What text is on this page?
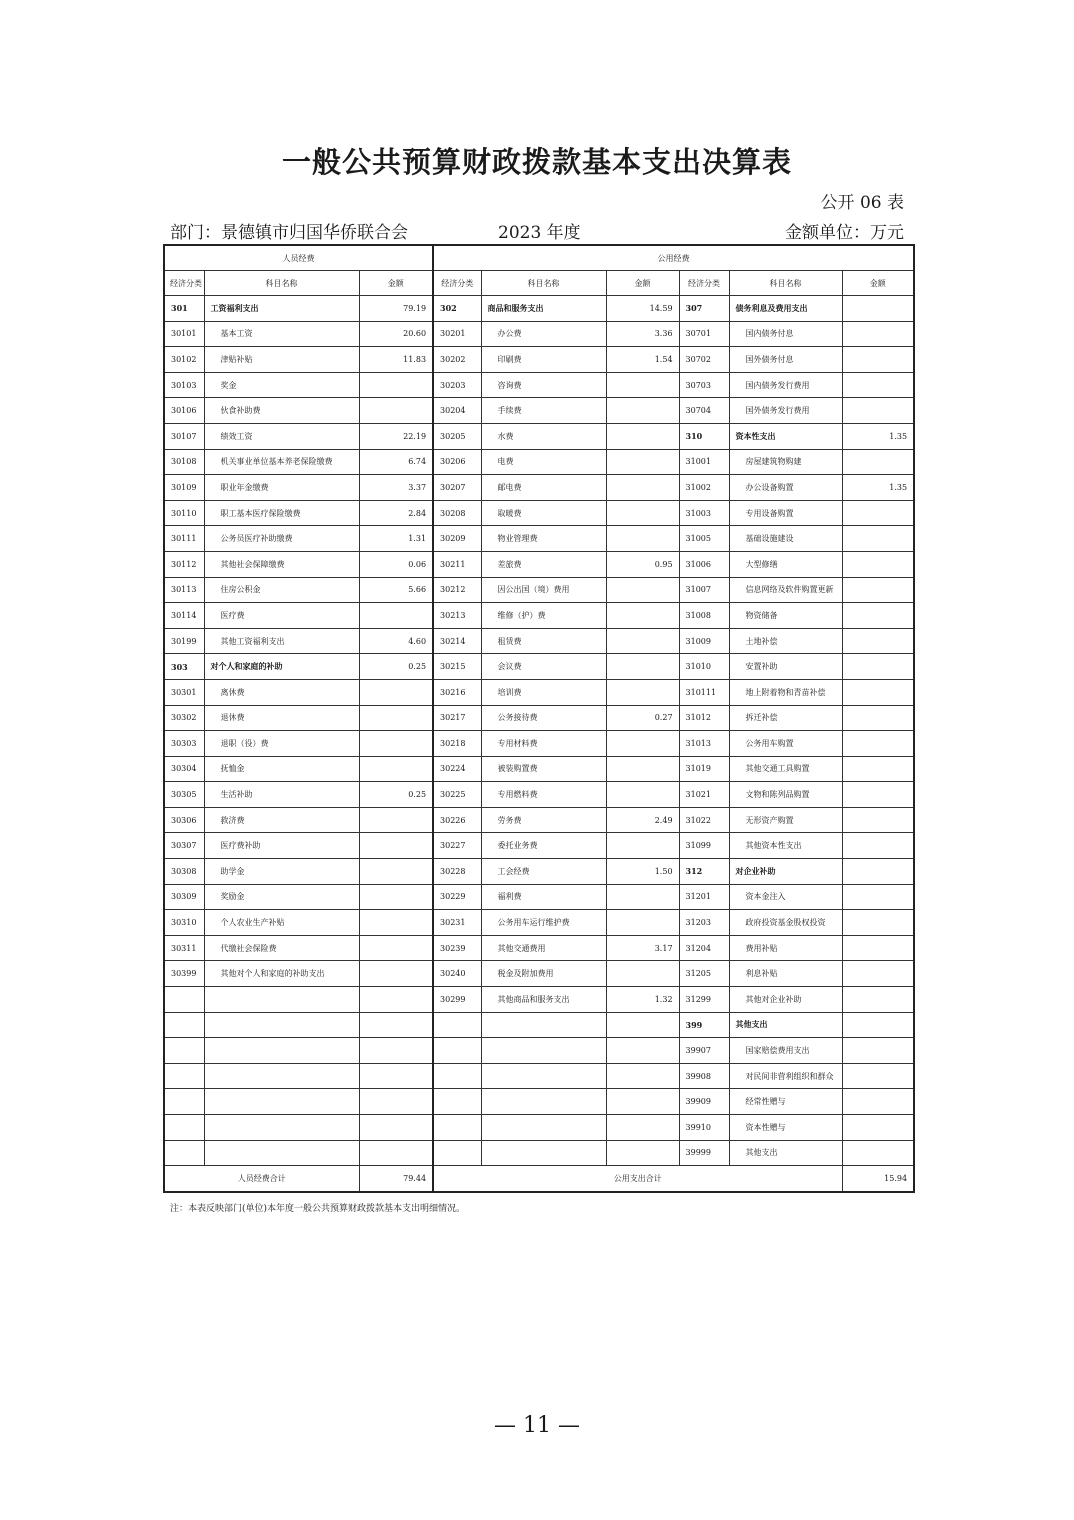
一般公共预算财政拨款基本支出决算表
公开 06 表
部门：景德镇市归国华侨联合会	2023 年度	金额单位：万元
人员经费			公用经费					
经济分类	科目名称	金额	经济分类	科目名称	金额	经济分类	科目名称	金额
301	工资福利支出	79.19	302	商品和服务支出	14.59	307	债务利息及费用支出	
30101	基本工资	20.60	30201	办公费	3.36	30701	国内债务付息	
30102	津贴补贴	11.83	30202	印刷费	1.54	30702	国外债务付息	
30103	奖金		30203	咨询费		30703	国内债务发行费用	
30106	伙食补助费		30204	手续费		30704	国外债务发行费用	
30107	绩效工资	22.19	30205	水费		310	资本性支出	1.35
30108	机关事业单位基本养老保险缴费	6.74	30206	电费		31001	房屋建筑物购建	
30109	职业年金缴费	3.37	30207	邮电费		31002	办公设备购置	1.35
30110	职工基本医疗保险缴费	2.84	30208	取暖费		31003	专用设备购置	
30111	公务员医疗补助缴费	1.31	30209	物业管理费		31005	基础设施建设	
30112	其他社会保障缴费	0.06	30211	差旅费	0.95	31006	大型修缮	
30113	住房公积金	5.66	30212	因公出国（境）费用		31007	信息网络及软件购置更新	
30114	医疗费		30213	维修（护）费		31008	物资储备	
30199	其他工资福利支出	4.60	30214	租赁费		31009	土地补偿	
303	对个人和家庭的补助	0.25	30215	会议费		31010	安置补助	
30301	离休费		30216	培训费		310111	地上附着物和青苗补偿	
30302	退休费		30217	公务接待费	0.27	31012	拆迁补偿	
30303	退职（役）费		30218	专用材料费		31013	公务用车购置	
30304	抚恤金		30224	被装购置费		31019	其他交通工具购置	
30305	生活补助	0.25	30225	专用燃料费		31021	文物和陈列品购置	
30306	救济费		30226	劳务费	2.49	31022	无形资产购置	
30307	医疗费补助		30227	委托业务费		31099	其他资本性支出	
30308	助学金		30228	工会经费	1.50	312	对企业补助	
30309	奖励金		30229	福利费		31201	资本金注入	
30310	个人农业生产补贴		30231	公务用车运行维护费		31203	政府投资基金股权投资	
30311	代缴社会保险费		30239	其他交通费用	3.17	31204	费用补贴	
30399	其他对个人和家庭的补助支出		30240	税金及附加费用		31205	利息补贴	
			30299	其他商品和服务支出	1.32	31299	其他对企业补助	
						399	其他支出	
						39907	国家赔偿费用支出	
						39908	对民间非营利组织和群众	
						39909	经常性赠与	
						39910	资本性赠与	
						39999	其他支出	
人员经费合计		79.44	公用支出合计					15.94
注：本表反映部门(单位)本年度一般公共预算财政拨款基本支出明细情况。
— 11 —
